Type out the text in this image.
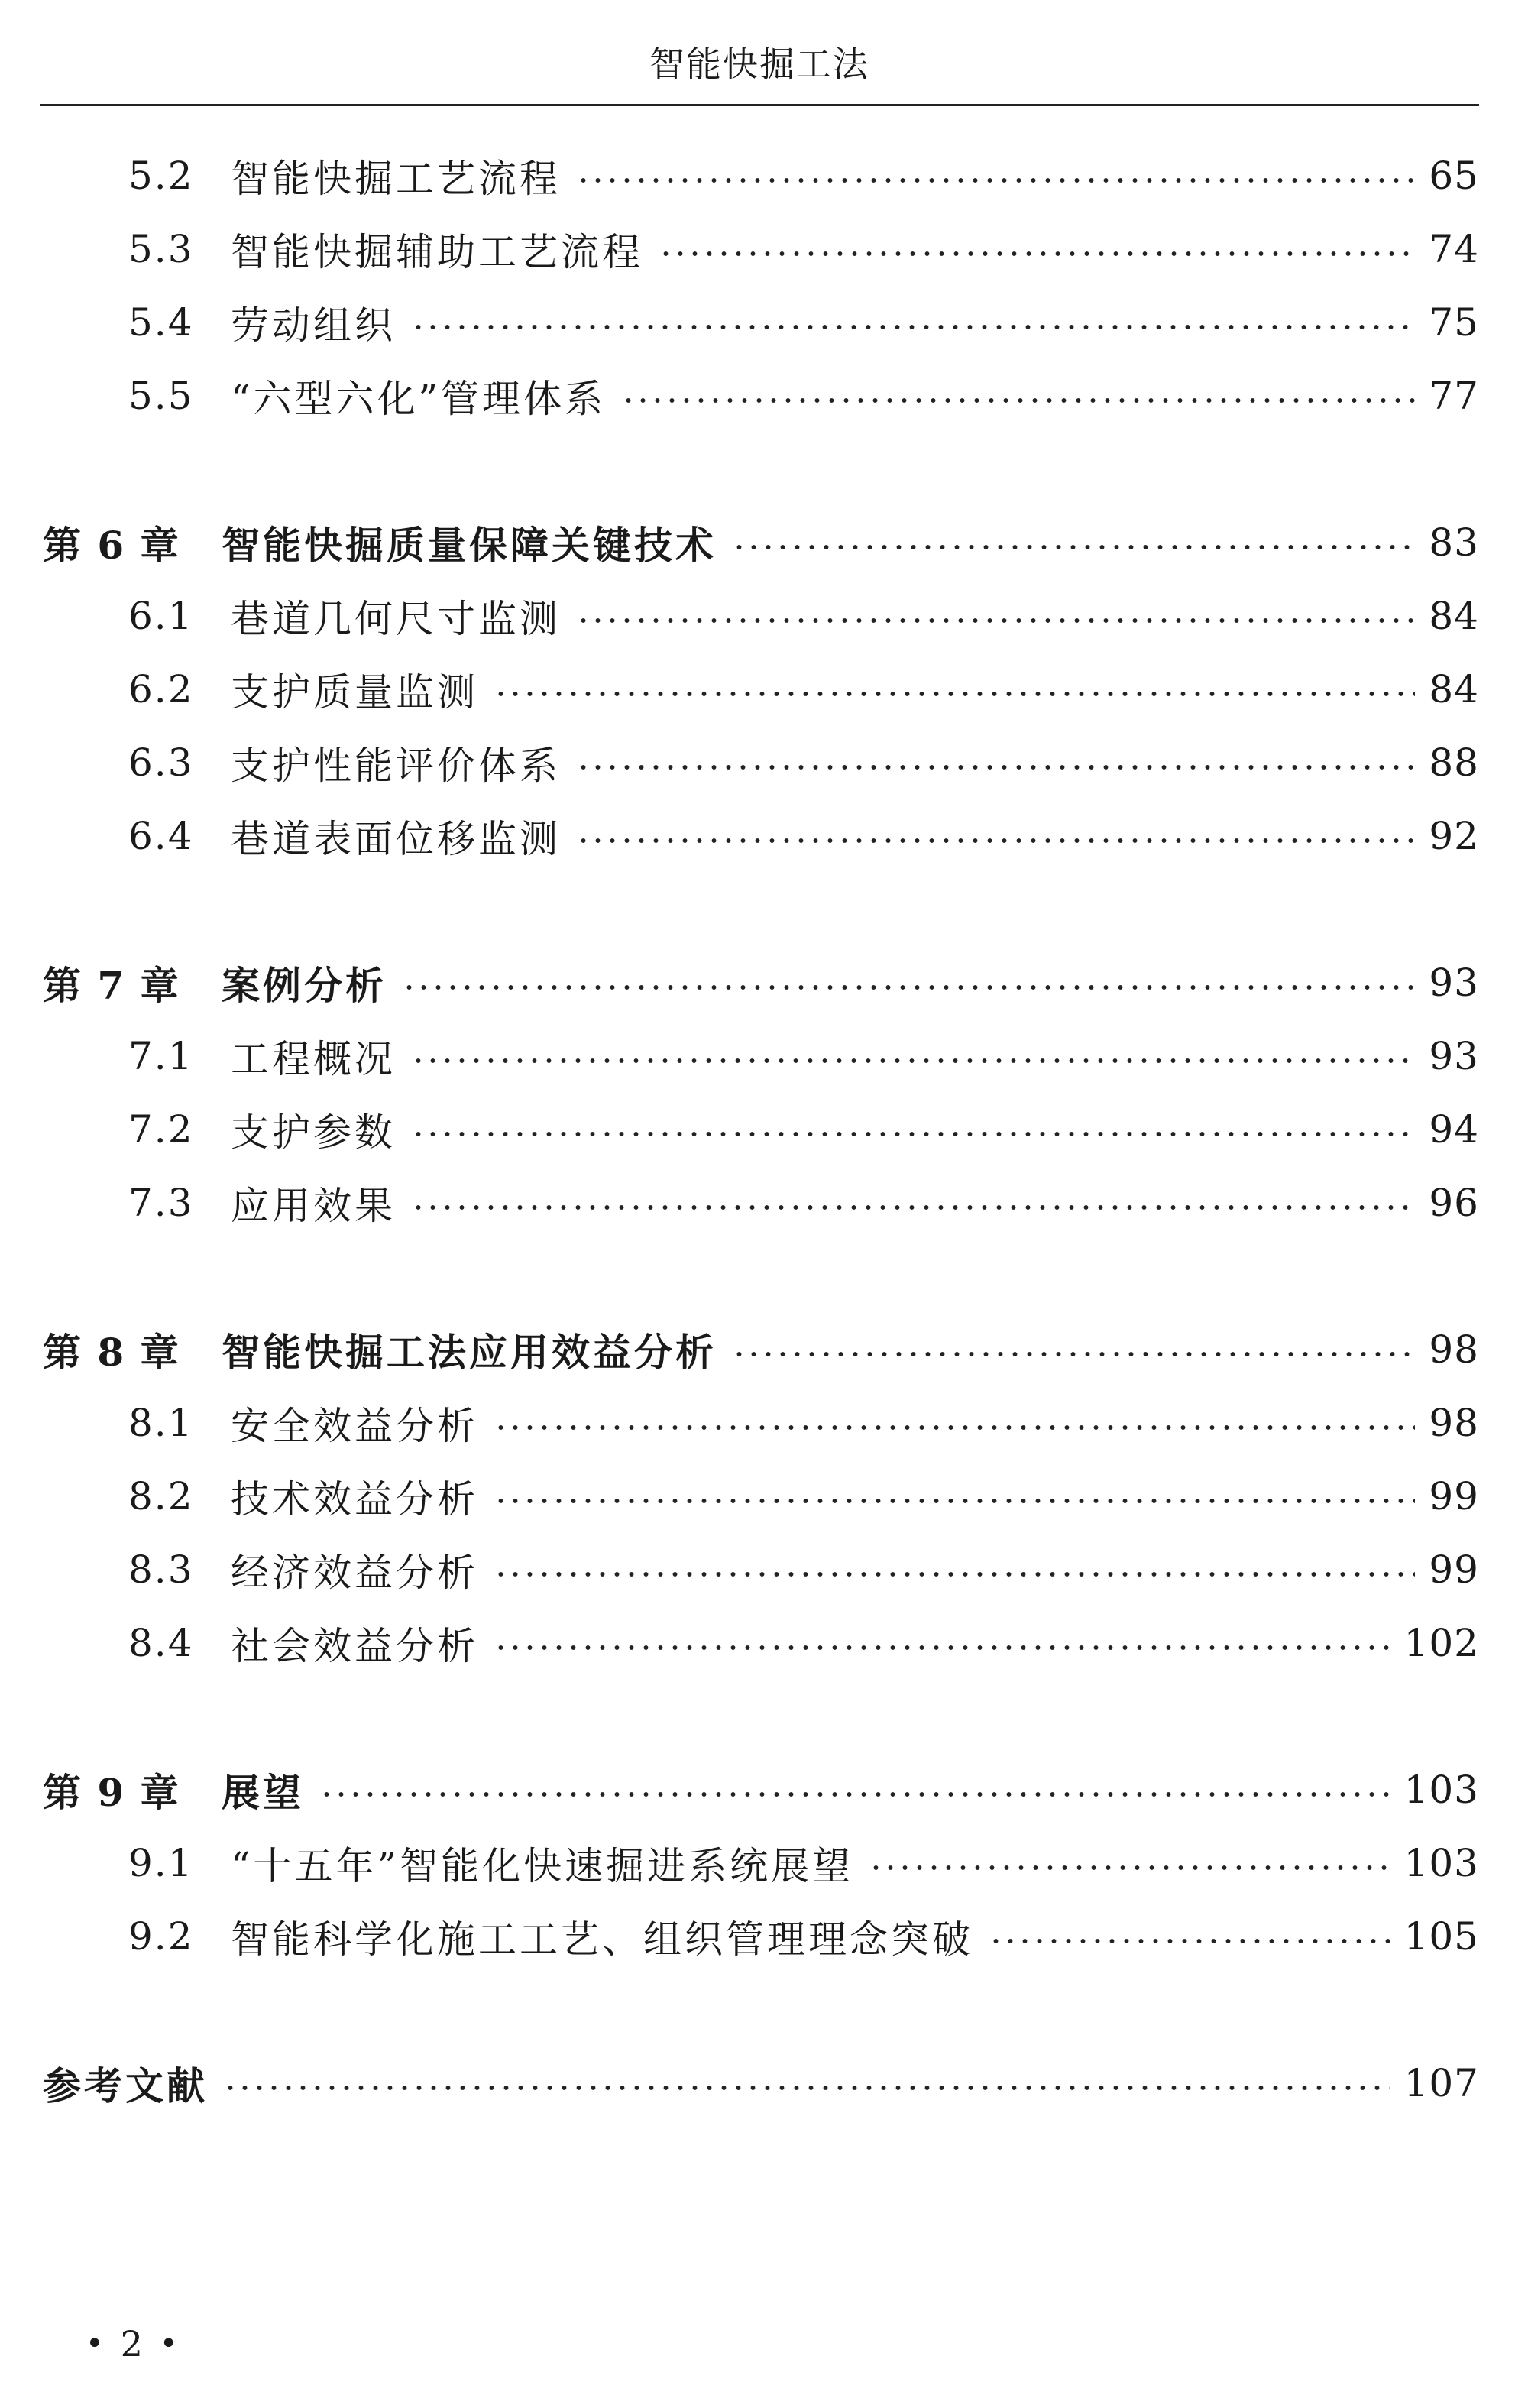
智能快掘工法
5.2 智能快掘工艺流程	65
5.3 智能快掘辅助工艺流程	74
5.4 劳动组织	75
5.5 “六型六化”管理体系	77
第 6 章	智能快掘质量保障关键技术	83
6.1 巷道几何尺寸监测	84
6.2 支护质量监测	84
6.3 支护性能评价体系	88
6.4 巷道表面位移监测	92
第 7 章	案例分析	93
7.1 工程概况	93
7.2 支护参数	94
7.3 应用效果	96
第 8 章	智能快掘工法应用效益分析	98
8.1 安全效益分析	98
8.2 技术效益分析	99
8.3 经济效益分析	99
8.4 社会效益分析	102
第 9 章	展望	103
9.1 “十五年”智能化快速掘进系统展望	103
9.2 智能科学化施工工艺、组织管理理念突破	105
参考文献	107
• 2 •
